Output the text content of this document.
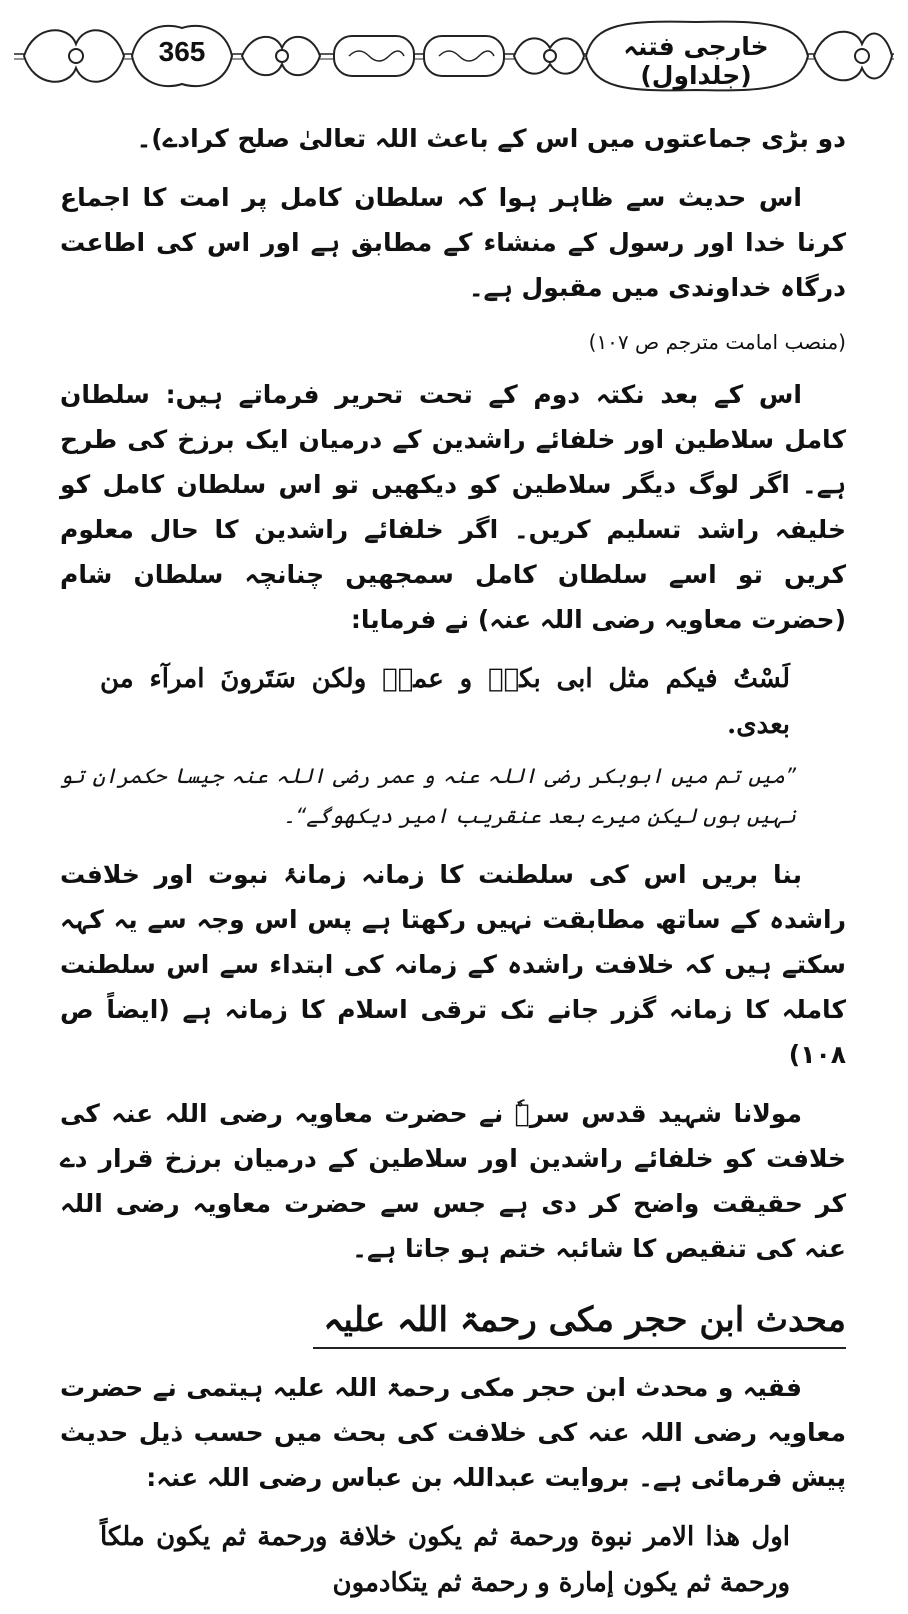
365	خارجی فتنہ (جلداول)

دو بڑی جماعتوں میں اس کے باعث اللہ تعالیٰ صلح کرادے)۔

اس حدیث سے ظاہر ہوا کہ سلطان کامل پر امت کا اجماع کرنا خدا اور رسول کے منشاء کے مطابق ہے اور اس کی اطاعت درگاہ خداوندی میں مقبول ہے۔

(منصب امامت مترجم ص ۱۰۷)

اس کے بعد نکتہ دوم کے تحت تحریر فرماتے ہیں: سلطان کامل سلاطین اور خلفائے راشدین کے درمیان ایک برزخ کی طرح ہے۔ اگر لوگ دیگر سلاطین کو دیکھیں تو اس سلطان کامل کو خلیفہ راشد تسلیم کریں۔ اگر خلفائے راشدین کا حال معلوم کریں تو اسے سلطان کامل سمجھیں چنانچہ سلطان شام (حضرت معاویہ رضی اللہ عنہ) نے فرمایا:

لَسْتُ فيكم مثل ابى بكرؓ و عمرؓ ولكن سَتَرونَ امرآء من بعدى.

”میں تم میں ابوبکر رضی اللہ عنہ و عمر رضی اللہ عنہ جیسا حکمران تو نہیں ہوں لیکن میرے بعد عنقریب امیر دیکھوگے“۔

بنا بریں اس کی سلطنت کا زمانہ زمانۂ نبوت اور خلافت راشدہ کے ساتھ مطابقت نہیں رکھتا ہے پس اس وجہ سے یہ کہہ سکتے ہیں کہ خلافت راشدہ کے زمانہ کی ابتداء سے اس سلطنت کاملہ کا زمانہ گزر جانے تک ترقی اسلام کا زمانہ ہے (ایضاً ص ۱۰۸)

مولانا شہید قدس سرہٗ نے حضرت معاویہ رضی اللہ عنہ کی خلافت کو خلفائے راشدین اور سلاطین کے درمیان برزخ قرار دے کر حقیقت واضح کر دی ہے جس سے حضرت معاویہ رضی اللہ عنہ کی تنقیص کا شائبہ ختم ہو جاتا ہے۔

محدث ابن حجر مکی رحمۃ اللہ علیہ

فقیہ و محدث ابن حجر مکی رحمۃ اللہ علیہ ہیتمی نے حضرت معاویہ رضی اللہ عنہ کی خلافت کی بحث میں حسب ذیل حدیث پیش فرمائی ہے۔ بروایت عبداللہ بن عباس رضی اللہ عنہ:

اول هذا الامر نبوة ورحمة ثم يكون خلافة ورحمة ثم يكون ملكاً ورحمة ثم يكون إمارة و رحمة ثم يتكادمون
